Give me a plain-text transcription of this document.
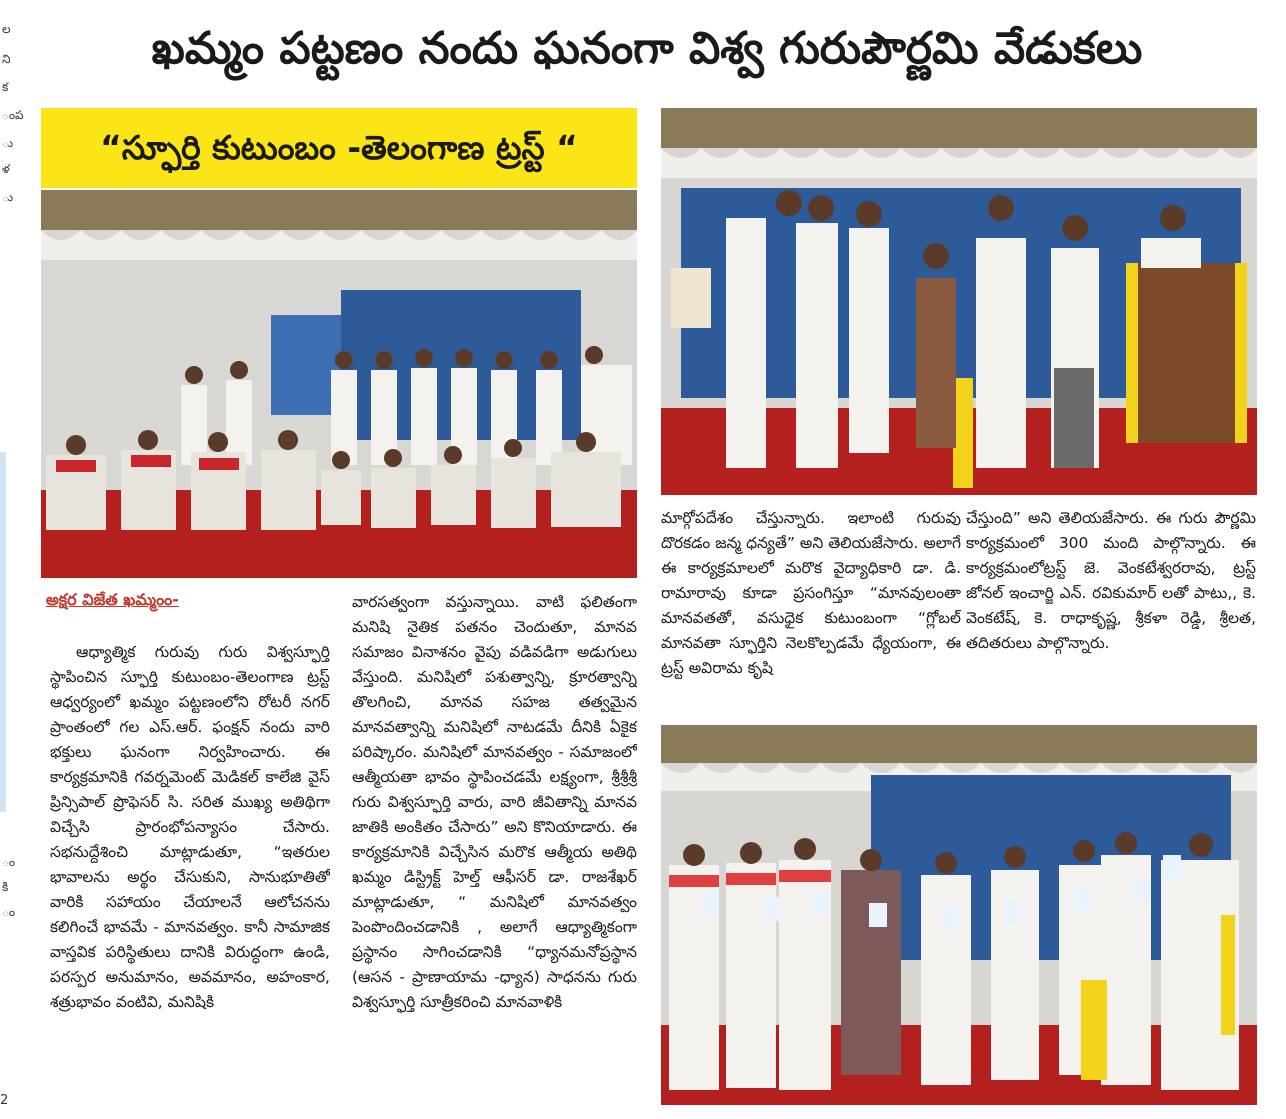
ల
ని
క
ంప
ు
ళ
ు
ం
కి
ం
ఖమ్మం పట్టణం నందు ఘనంగా విశ్వ గురుపౌర్ణమి వేడుకలు
“స్ఫూర్తి కుటుంబం -తెలంగాణ ట్రస్ట్ “
అక్షర విజేత ఖమ్మంం-

ఆధ్యాత్మిక గురువు గురు విశ్వస్ఫూర్తి స్థాపించిన స్ఫూర్తి కుటుంబం-తెలంగాణ ట్రస్ట్ ఆధ్వర్యంలో ఖమ్మం పట్టణంలోని రోటరీ నగర్ ప్రాంతంలో గల ఎస్.ఆర్. ఫంక్షన్ నందు వారి భక్తులు ఘనంగా నిర్వహించారు. ఈ కార్యక్రమానికి గవర్నమెంట్ మెడికల్ కాలేజి వైస్ ప్రిన్సిపాల్ ప్రొఫెసర్ సి. సరిత ముఖ్య అతిథిగా విచ్చేసి ప్రారంభోపన్యాసం చేసారు. సభనుద్దేశించి మాట్లాడుతూ, “ఇతరుల భావాలను అర్థం చేసుకుని, సానుభూతితో వారికి సహాయం చేయాలనే ఆలోచనను కలిగించే భావమే - మానవత్వం. కానీ సామాజిక వాస్తవిక పరిస్థితులు దానికి విరుద్ధంగా ఉండి, పరస్పర అనుమానం, అవమానం, అహంకార, శత్రుభావం వంటివి, మనిషికి

వారసత్వంగా వస్తున్నాయి. వాటి ఫలితంగా మనిషి నైతిక పతనం చెందుతూ, మానవ సమాజం వినాశనం వైపు వడివడిగా అడుగులు వేస్తుంది. మనిషిలో పశుత్వాన్ని, క్రూరత్వాన్ని తొలగించి, మానవ సహజ తత్వమైన మానవత్వాన్ని మనిషిలో నాటడమే దీనికి ఏకైక పరిష్కారం. మనిషిలో మానవత్వం - సమాజంలో ఆత్మీయతా భావం స్థాపించడమే లక్ష్యంగా, శ్రీశ్రీశ్రీ గురు విశ్వస్ఫూర్తి వారు, వారి జీవితాన్ని మానవ జాతికి అంకితం చేసారు” అని కొనియాడారు. ఈ కార్యక్రమానికి విచ్చేసిన మరొక ఆత్మీయ అతిథి ఖమ్మం డిస్ట్రిక్ట్ హెల్త్ ఆఫీసర్ డా. రాజశేఖర్ మాట్లాడుతూ, “ మనిషిలో మానవత్వం పెంపొందించడానికి , అలాగే ఆధ్యాత్మికంగా ప్రస్థానం సాగించడానికి “ధ్యానమనోప్రస్థాన (ఆసన - ప్రాణాయామ -ధ్యాన) సాధనను గురు విశ్వస్ఫూర్తి సూత్రీకరించి మానవాళికి

మార్గోపదేశం చేస్తున్నారు. ఇలాంటి గురువు దొరకడం జన్మ ధన్యతే” అని తెలియజేసారు. అలాగే ఈ కార్యక్రమాలలో మరొక వైద్యాధికారి డా. డి. రామారావు కూడా ప్రసంగిస్తూ “మానవులంతా మానవతతో, వసుధైక కుటుంబంగా “గ్లోబల్ మానవతా స్ఫూర్తిని నెలకొల్పడమే ధ్యేయంగా, ఈ ట్రస్ట్ అవిరామ కృషి

చేస్తుంది” అని తెలియజేసారు. ఈ గురు పౌర్ణమి కార్యక్రమంలో 300 మంది పాల్గొన్నారు. ఈ కార్యక్రమంలోట్రస్ట్ జె. వెంకటేశ్వరరావు, ట్రస్ట్ జోనల్ ఇంచార్జి ఎన్. రవికుమార్ లతో పాటు,, కె. వెంకటేష్, కె. రాధాకృష్ణ, శ్రీకళా రెడ్డి, శ్రీలత, తదితరులు పాల్గొన్నారు.

2
